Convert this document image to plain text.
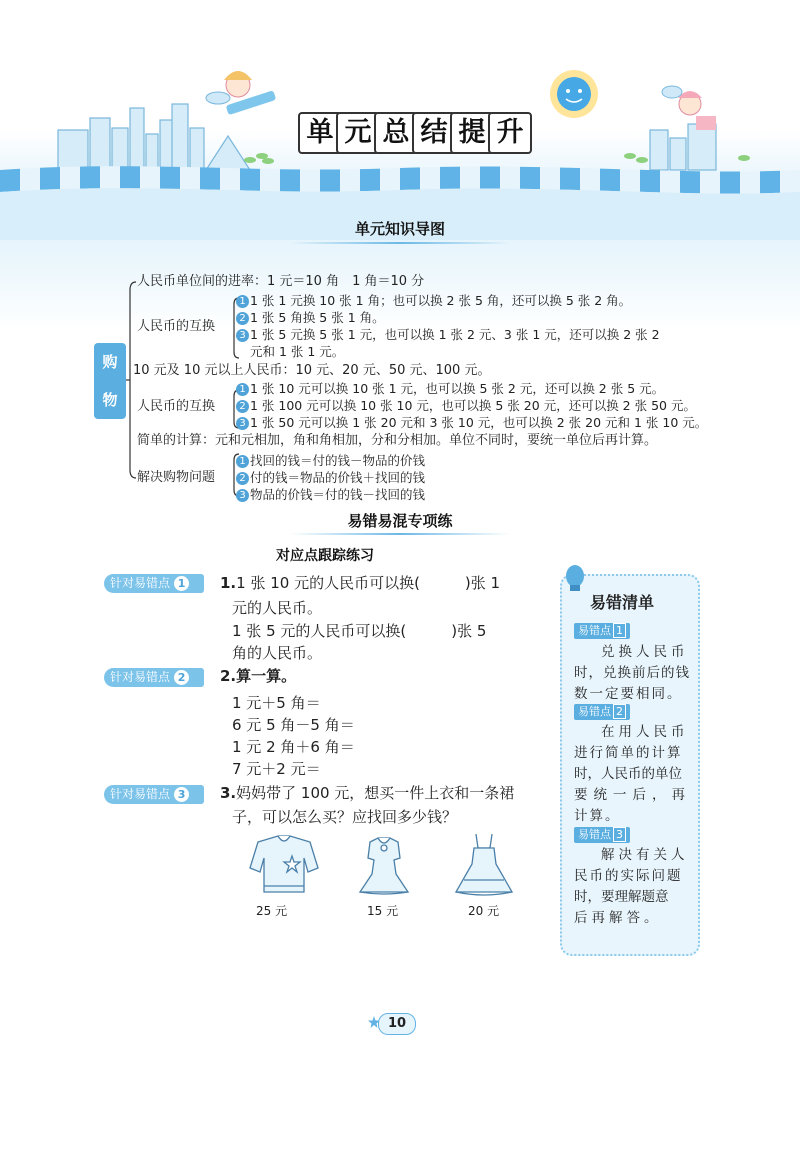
单 元 总 结 提 升
单元知识导图
购
物
人民币单位间的进率：1 元＝10 角　1 角＝10 分
人民币的互换
1 1 张 1 元换 10 张 1 角；也可以换 2 张 5 角，还可以换 5 张 2 角。
2 1 张 5 角换 5 张 1 角。
3 1 张 5 元换 5 张 1 元，也可以换 1 张 2 元、3 张 1 元，还可以换 2 张 2
元和 1 张 1 元。
10 元及 10 元以上人民币：10 元、20 元、50 元、100 元。
人民币的互换
1 1 张 10 元可以换 10 张 1 元，也可以换 5 张 2 元，还可以换 2 张 5 元。
2 1 张 100 元可以换 10 张 10 元，也可以换 5 张 20 元，还可以换 2 张 50 元。
3 1 张 50 元可以换 1 张 20 元和 3 张 10 元，也可以换 2 张 20 元和 1 张 10 元。
简单的计算：元和元相加，角和角相加，分和分相加。单位不同时，要统一单位后再计算。
解决购物问题
1 找回的钱＝付的钱－物品的价钱
2 付的钱＝物品的价钱＋找回的钱
3 物品的价钱＝付的钱－找回的钱
易错易混专项练
对应点跟踪练习
针对易错点 1	1.1 张 10 元的人民币可以换(　　　)张 1
元的人民币。
1 张 5 元的人民币可以换(　　　)张 5
角的人民币。
针对易错点 2	2.算一算。
1 元＋5 角＝
6 元 5 角－5 角＝
1 元 2 角＋6 角＝
7 元＋2 元＝
针对易错点 3	3.妈妈带了 100 元，想买一件上衣和一条裙
子，可以怎么买？应找回多少钱？
25 元	15 元	20 元
易错清单
易错点 1
兑换人民币
时，兑换前后的钱
数一定要相同。
易错点 2
在用人民币
进行简单的计算
时，人民币的单位
要统一后，再
计算。
易错点 3
解决有关人
民币的实际问题
时，要理解题意
后再解答。
10
